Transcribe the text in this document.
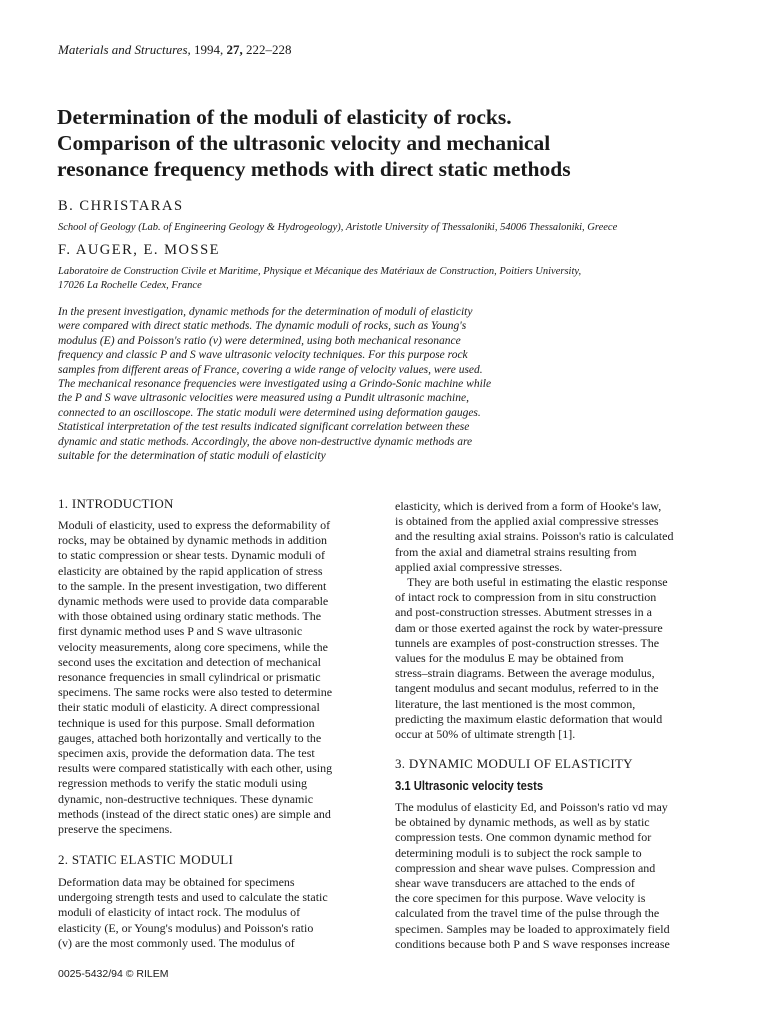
Materials and Structures, 1994, 27, 222–228
Determination of the moduli of elasticity of rocks.
Comparison of the ultrasonic velocity and mechanical
resonance frequency methods with direct static methods
B. CHRISTARAS
School of Geology (Lab. of Engineering Geology & Hydrogeology), Aristotle University of Thessaloniki, 54006 Thessaloniki, Greece
F. AUGER, E. MOSSE
Laboratoire de Construction Civile et Maritime, Physique et Mécanique des Matériaux de Construction, Poitiers University,
17026 La Rochelle Cedex, France
In the present investigation, dynamic methods for the determination of moduli of elasticity
were compared with direct static methods. The dynamic moduli of rocks, such as Young's
modulus (E) and Poisson's ratio (v) were determined, using both mechanical resonance
frequency and classic P and S wave ultrasonic velocity techniques. For this purpose rock
samples from different areas of France, covering a wide range of velocity values, were used.
The mechanical resonance frequencies were investigated using a Grindo-Sonic machine while
the P and S wave ultrasonic velocities were measured using a Pundit ultrasonic machine,
connected to an oscilloscope. The static moduli were determined using deformation gauges.
Statistical interpretation of the test results indicated significant correlation between these
dynamic and static methods. Accordingly, the above non-destructive dynamic methods are
suitable for the determination of static moduli of elasticity
1. INTRODUCTION

Moduli of elasticity, used to express the deformability of
rocks, may be obtained by dynamic methods in addition
to static compression or shear tests. Dynamic moduli of
elasticity are obtained by the rapid application of stress
to the sample. In the present investigation, two different
dynamic methods were used to provide data comparable
with those obtained using ordinary static methods. The
first dynamic method uses P and S wave ultrasonic
velocity measurements, along core specimens, while the
second uses the excitation and detection of mechanical
resonance frequencies in small cylindrical or prismatic
specimens. The same rocks were also tested to determine
their static moduli of elasticity. A direct compressional
technique is used for this purpose. Small deformation
gauges, attached both horizontally and vertically to the
specimen axis, provide the deformation data. The test
results were compared statistically with each other, using
regression methods to verify the static moduli using
dynamic, non-destructive techniques. These dynamic
methods (instead of the direct static ones) are simple and
preserve the specimens.

2. STATIC ELASTIC MODULI

Deformation data may be obtained for specimens
undergoing strength tests and used to calculate the static
moduli of elasticity of intact rock. The modulus of
elasticity (E, or Young's modulus) and Poisson's ratio
(v) are the most commonly used. The modulus of

0025-5432/94 © RILEM

elasticity, which is derived from a form of Hooke's law,
is obtained from the applied axial compressive stresses
and the resulting axial strains. Poisson's ratio is calculated
from the axial and diametral strains resulting from
applied axial compressive stresses.

They are both useful in estimating the elastic response
of intact rock to compression from in situ construction
and post-construction stresses. Abutment stresses in a
dam or those exerted against the rock by water-pressure
tunnels are examples of post-construction stresses. The
values for the modulus E may be obtained from
stress–strain diagrams. Between the average modulus,
tangent modulus and secant modulus, referred to in the
literature, the last mentioned is the most common,
predicting the maximum elastic deformation that would
occur at 50% of ultimate strength [1].

3. DYNAMIC MODULI OF ELASTICITY
3.1 Ultrasonic velocity tests

The modulus of elasticity Ed, and Poisson's ratio vd may
be obtained by dynamic methods, as well as by static
compression tests. One common dynamic method for
determining moduli is to subject the rock sample to
compression and shear wave pulses. Compression and
shear wave transducers are attached to the ends of
the core specimen for this purpose. Wave velocity is
calculated from the travel time of the pulse through the
specimen. Samples may be loaded to approximately field
conditions because both P and S wave responses increase
